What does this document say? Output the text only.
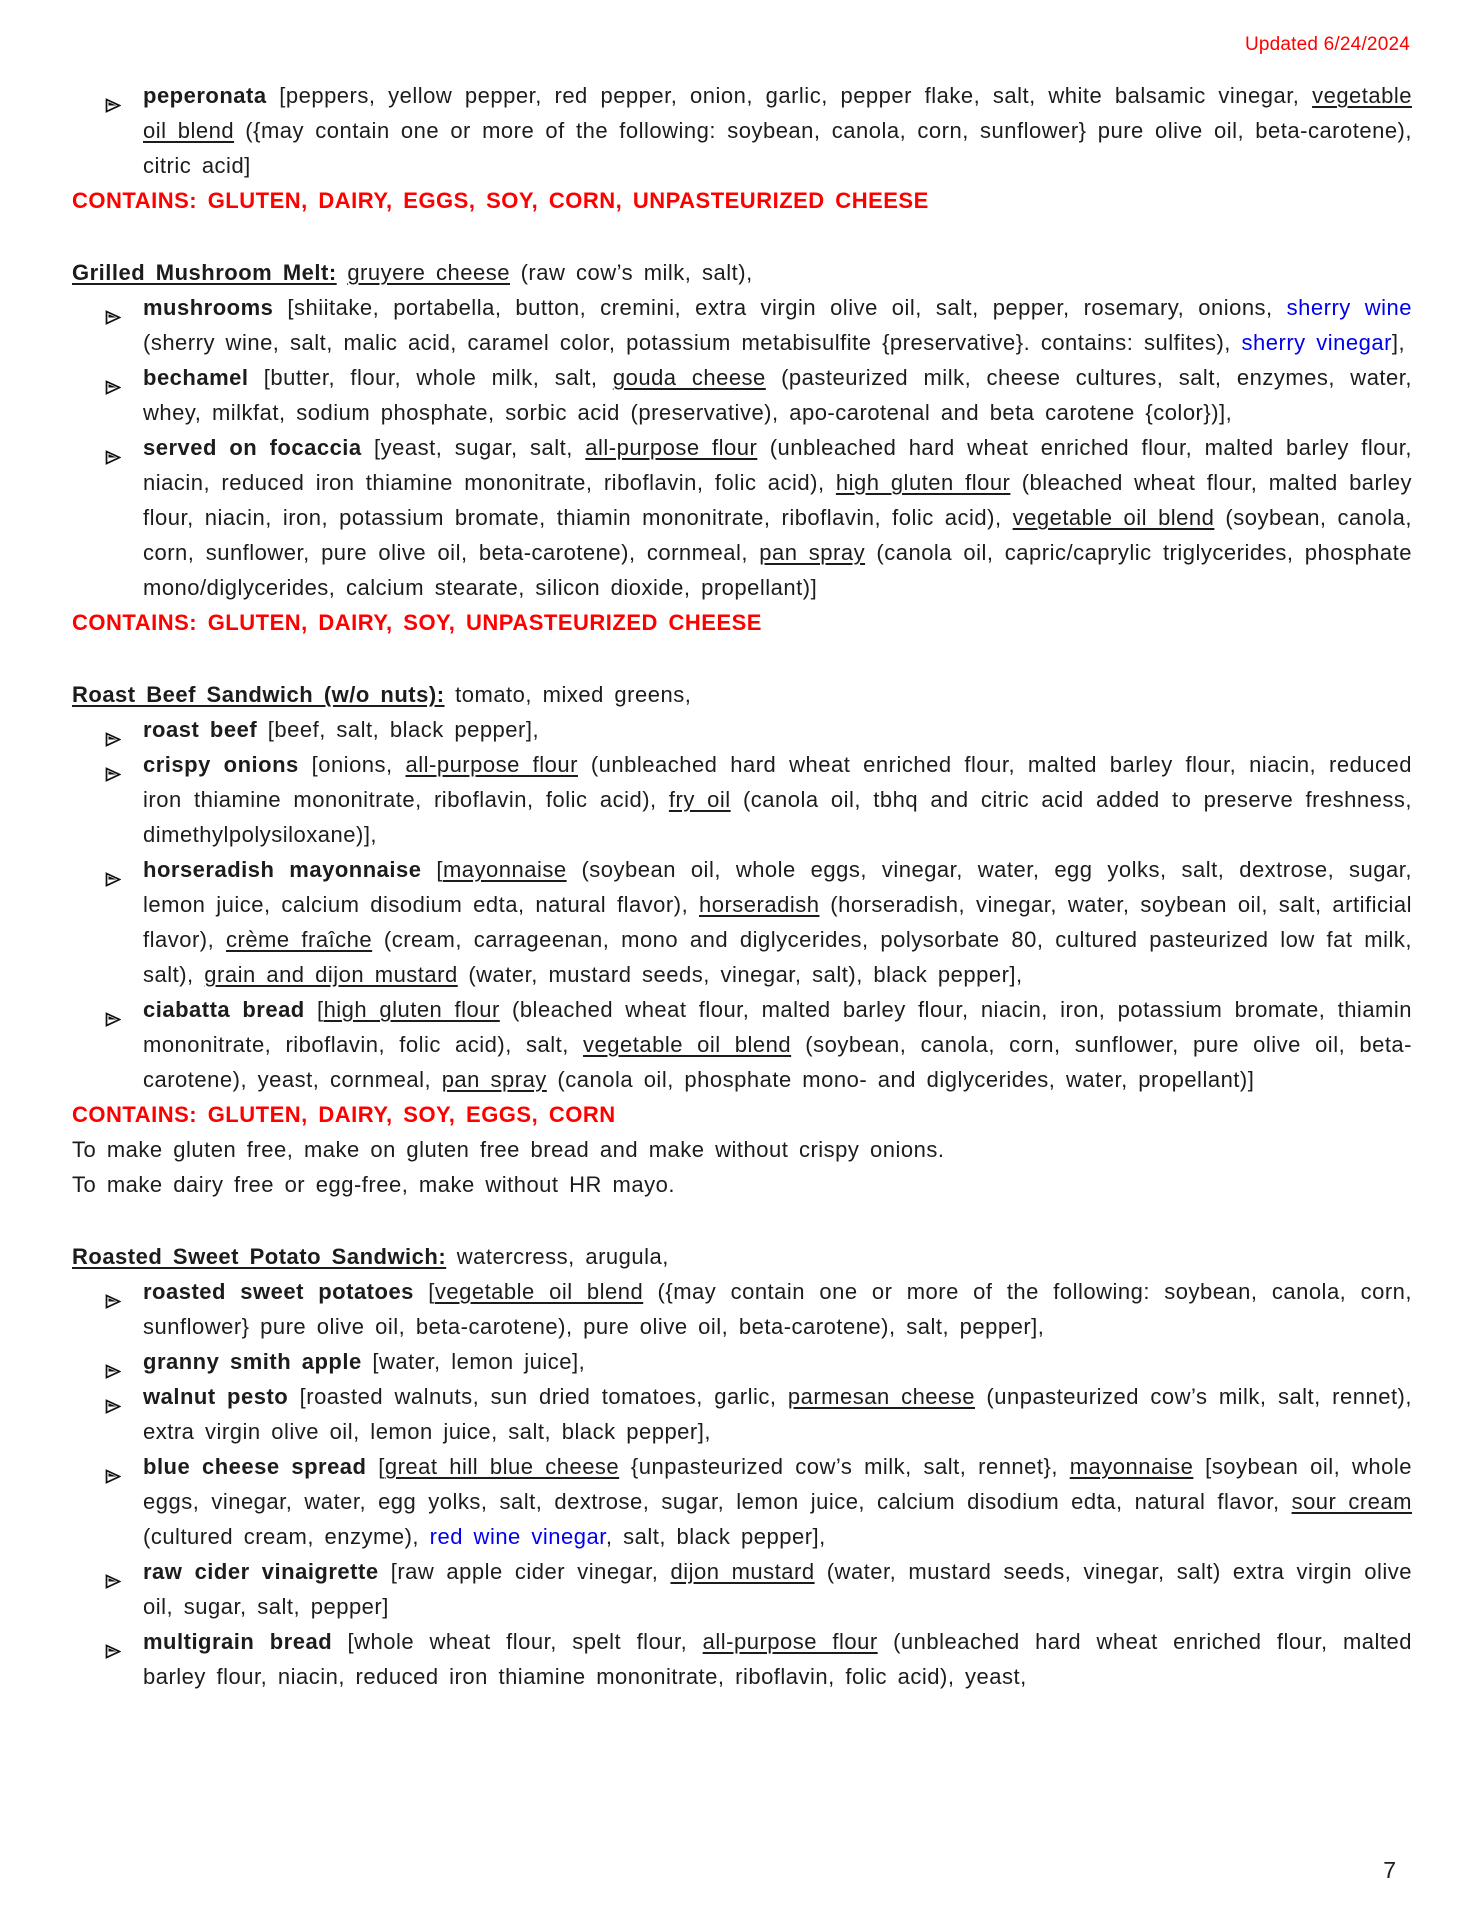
Updated 6/24/2024
peperonata [peppers, yellow pepper, red pepper, onion, garlic, pepper flake, salt, white balsamic vinegar, vegetable oil blend ({may contain one or more of the following: soybean, canola, corn, sunflower} pure olive oil, beta-carotene), citric acid]
CONTAINS: GLUTEN, DAIRY, EGGS, SOY, CORN, UNPASTEURIZED CHEESE
Grilled Mushroom Melt: gruyere cheese (raw cow’s milk, salt),
mushrooms [shiitake, portabella, button, cremini, extra virgin olive oil, salt, pepper, rosemary, onions, sherry wine (sherry wine, salt, malic acid, caramel color, potassium metabisulfite {preservative}. contains: sulfites), sherry vinegar],
bechamel [butter, flour, whole milk, salt, gouda cheese (pasteurized milk, cheese cultures, salt, enzymes, water, whey, milkfat, sodium phosphate, sorbic acid (preservative), apo-carotenal and beta carotene {color})],
served on focaccia [yeast, sugar, salt, all-purpose flour (unbleached hard wheat enriched flour, malted barley flour, niacin, reduced iron thiamine mononitrate, riboflavin, folic acid), high gluten flour (bleached wheat flour, malted barley flour, niacin, iron, potassium bromate, thiamin mononitrate, riboflavin, folic acid), vegetable oil blend (soybean, canola, corn, sunflower, pure olive oil, beta-carotene), cornmeal, pan spray (canola oil, capric/caprylic triglycerides, phosphate mono/diglycerides, calcium stearate, silicon dioxide, propellant)]
CONTAINS: GLUTEN, DAIRY, SOY, UNPASTEURIZED CHEESE
Roast Beef Sandwich (w/o nuts): tomato, mixed greens,
roast beef [beef, salt, black pepper],
crispy onions [onions, all-purpose flour (unbleached hard wheat enriched flour, malted barley flour, niacin, reduced iron thiamine mononitrate, riboflavin, folic acid), fry oil (canola oil, tbhq and citric acid added to preserve freshness, dimethylpolysiloxane)],
horseradish mayonnaise [mayonnaise (soybean oil, whole eggs, vinegar, water, egg yolks, salt, dextrose, sugar, lemon juice, calcium disodium edta, natural flavor), horseradish (horseradish, vinegar, water, soybean oil, salt, artificial flavor), crème fraîche (cream, carrageenan, mono and diglycerides, polysorbate 80, cultured pasteurized low fat milk, salt), grain and dijon mustard (water, mustard seeds, vinegar, salt), black pepper],
ciabatta bread [high gluten flour (bleached wheat flour, malted barley flour, niacin, iron, potassium bromate, thiamin mononitrate, riboflavin, folic acid), salt, vegetable oil blend (soybean, canola, corn, sunflower, pure olive oil, beta-carotene), yeast, cornmeal, pan spray (canola oil, phosphate mono- and diglycerides, water, propellant)]
CONTAINS: GLUTEN, DAIRY, SOY, EGGS, CORN
To make gluten free, make on gluten free bread and make without crispy onions.
To make dairy free or egg-free, make without HR mayo.
Roasted Sweet Potato Sandwich: watercress, arugula,
roasted sweet potatoes [vegetable oil blend ({may contain one or more of the following: soybean, canola, corn, sunflower} pure olive oil, beta-carotene), pure olive oil, beta-carotene), salt, pepper],
granny smith apple [water, lemon juice],
walnut pesto [roasted walnuts, sun dried tomatoes, garlic, parmesan cheese (unpasteurized cow’s milk, salt, rennet), extra virgin olive oil, lemon juice, salt, black pepper],
blue cheese spread [great hill blue cheese {unpasteurized cow’s milk, salt, rennet}, mayonnaise [soybean oil, whole eggs, vinegar, water, egg yolks, salt, dextrose, sugar, lemon juice, calcium disodium edta, natural flavor, sour cream (cultured cream, enzyme), red wine vinegar, salt, black pepper],
raw cider vinaigrette [raw apple cider vinegar, dijon mustard (water, mustard seeds, vinegar, salt) extra virgin olive oil, sugar, salt, pepper]
multigrain bread [whole wheat flour, spelt flour, all-purpose flour (unbleached hard wheat enriched flour, malted barley flour, niacin, reduced iron thiamine mononitrate, riboflavin, folic acid), yeast,
7
